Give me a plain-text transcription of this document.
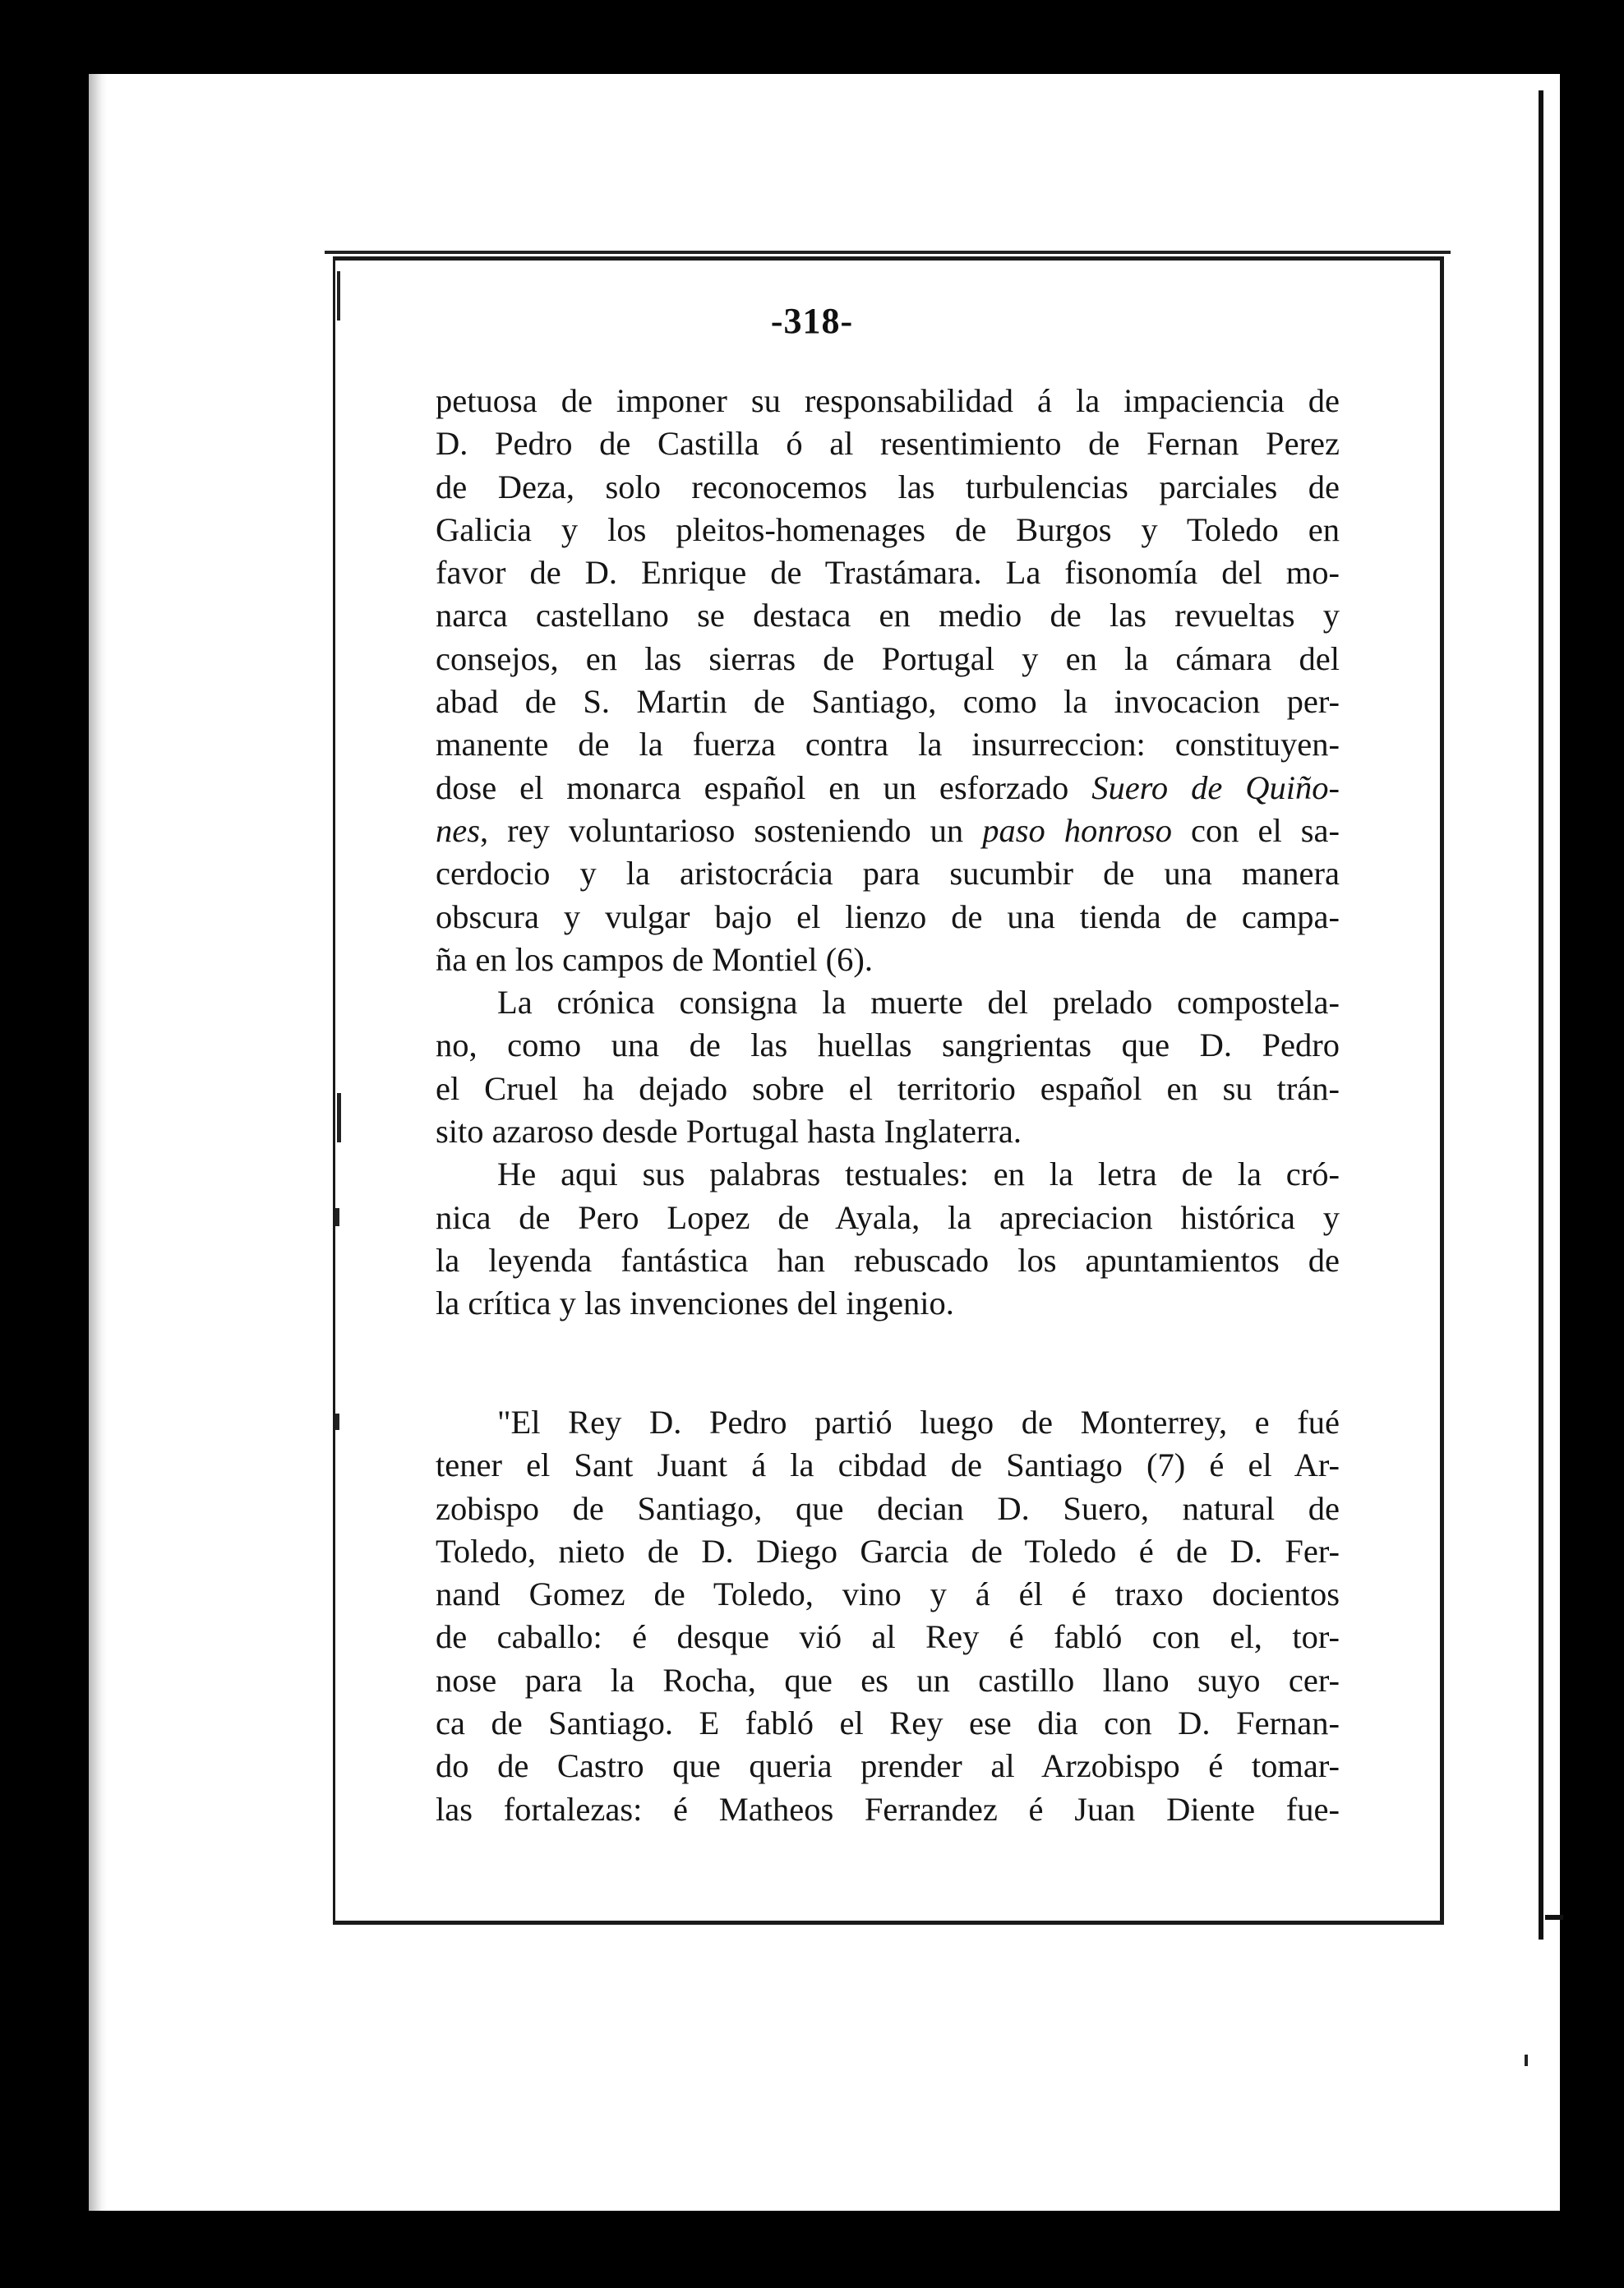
-318-
petuosa de imponer su responsabilidad á la impaciencia de
D. Pedro de Castilla ó al resentimiento de Fernan Perez
de Deza, solo reconocemos las turbulencias parciales de
Galicia y los pleitos-homenages de Burgos y Toledo en
favor de D. Enrique de Trastámara. La fisonomía del mo-
narca castellano se destaca en medio de las revueltas y
consejos, en las sierras de Portugal y en la cámara del
abad de S. Martin de Santiago, como la invocacion per-
manente de la fuerza contra la insurreccion: constituyen-
dose el monarca español en un esforzado Suero de Quiño-
nes, rey voluntarioso sosteniendo un paso honroso con el sa-
cerdocio y la aristocrácia para sucumbir de una manera
obscura y vulgar bajo el lienzo de una tienda de campa-
ña en los campos de Montiel (6).
La crónica consigna la muerte del prelado compostela-
no, como una de las huellas sangrientas que D. Pedro
el Cruel ha dejado sobre el territorio español en su trán-
sito azaroso desde Portugal hasta Inglaterra.
He aqui sus palabras testuales: en la letra de la cró-
nica de Pero Lopez de Ayala, la apreciacion histórica y
la leyenda fantástica han rebuscado los apuntamientos de
la crítica y las invenciones del ingenio.
"El Rey D. Pedro partió luego de Monterrey, e fué
tener el Sant Juant á la cibdad de Santiago (7) é el Ar-
zobispo de Santiago, que decian D. Suero, natural de
Toledo, nieto de D. Diego Garcia de Toledo é de D. Fer-
nand Gomez de Toledo, vino y á él é traxo docientos
de caballo: é desque vió al Rey é fabló con el, tor-
nose para la Rocha, que es un castillo llano suyo cer-
ca de Santiago. E fabló el Rey ese dia con D. Fernan-
do de Castro que queria prender al Arzobispo é tomar-
las fortalezas: é Matheos Ferrandez é Juan Diente fue-
